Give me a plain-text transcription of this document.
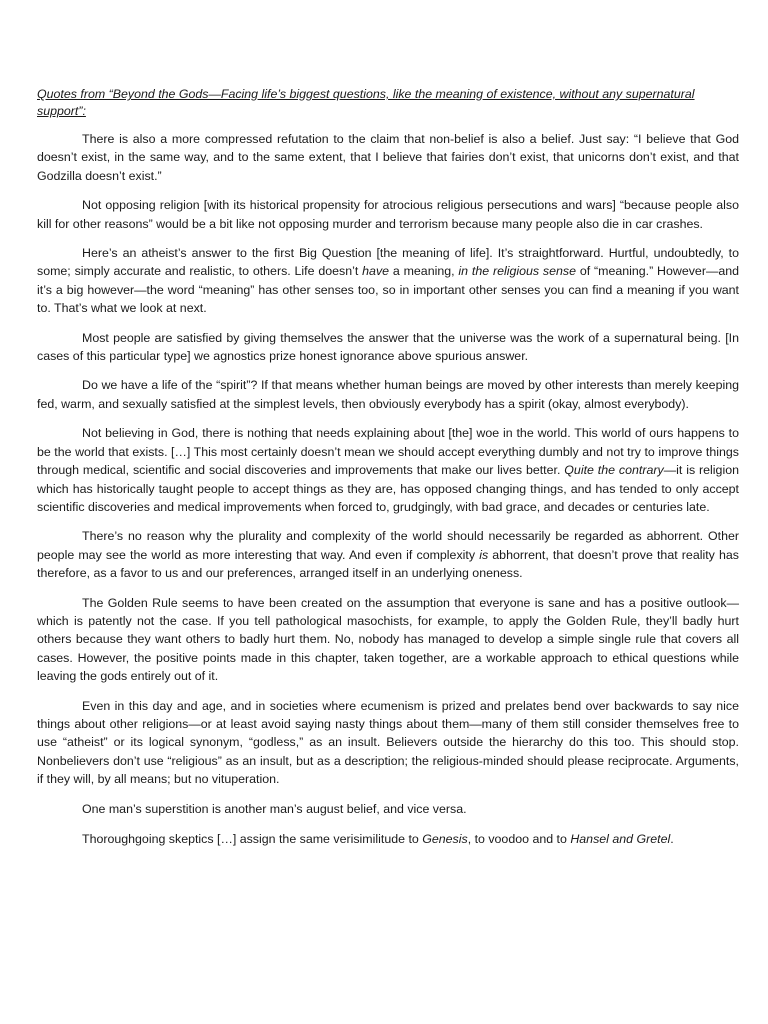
Quotes from “Beyond the Gods—Facing life’s biggest questions, like the meaning of existence, without any supernatural support”:

There is also a more compressed refutation to the claim that non-belief is also a belief. Just say: “I believe that God doesn’t exist, in the same way, and to the same extent, that I believe that fairies don’t exist, that unicorns don’t exist, and that Godzilla doesn’t exist.”

Not opposing religion [with its historical propensity for atrocious religious persecutions and wars] “because people also kill for other reasons” would be a bit like not opposing murder and terrorism because many people also die in car crashes.

Here’s an atheist’s answer to the first Big Question [the meaning of life]. It’s straightforward. Hurtful, undoubtedly, to some; simply accurate and realistic, to others. Life doesn’t have a meaning, in the religious sense of “meaning.” However—and it’s a big however—the word “meaning” has other senses too, so in important other senses you can find a meaning if you want to. That’s what we look at next.

Most people are satisfied by giving themselves the answer that the universe was the work of a supernatural being. [In cases of this particular type] we agnostics prize honest ignorance above spurious answer.

Do we have a life of the “spirit”? If that means whether human beings are moved by other interests than merely keeping fed, warm, and sexually satisfied at the simplest levels, then obviously everybody has a spirit (okay, almost everybody).

Not believing in God, there is nothing that needs explaining about [the] woe in the world. This world of ours happens to be the world that exists. […] This most certainly doesn’t mean we should accept everything dumbly and not try to improve things through medical, scientific and social discoveries and improvements that make our lives better. Quite the contrary—it is religion which has historically taught people to accept things as they are, has opposed changing things, and has tended to only accept scientific discoveries and medical improvements when forced to, grudgingly, with bad grace, and decades or centuries late.

There’s no reason why the plurality and complexity of the world should necessarily be regarded as abhorrent. Other people may see the world as more interesting that way. And even if complexity is abhorrent, that doesn’t prove that reality has therefore, as a favor to us and our preferences, arranged itself in an underlying oneness.

The Golden Rule seems to have been created on the assumption that everyone is sane and has a positive outlook—which is patently not the case. If you tell pathological masochists, for example, to apply the Golden Rule, they’ll badly hurt others because they want others to badly hurt them. No, nobody has managed to develop a simple single rule that covers all cases. However, the positive points made in this chapter, taken together, are a workable approach to ethical questions while leaving the gods entirely out of it.

Even in this day and age, and in societies where ecumenism is prized and prelates bend over backwards to say nice things about other religions—or at least avoid saying nasty things about them—many of them still consider themselves free to use “atheist” or its logical synonym, “godless,” as an insult. Believers outside the hierarchy do this too. This should stop. Nonbelievers don’t use “religious” as an insult, but as a description; the religious-minded should please reciprocate. Arguments, if they will, by all means; but no vituperation.

One man’s superstition is another man’s august belief, and vice versa.

Thoroughgoing skeptics […] assign the same verisimilitude to Genesis, to voodoo and to Hansel and Gretel.
